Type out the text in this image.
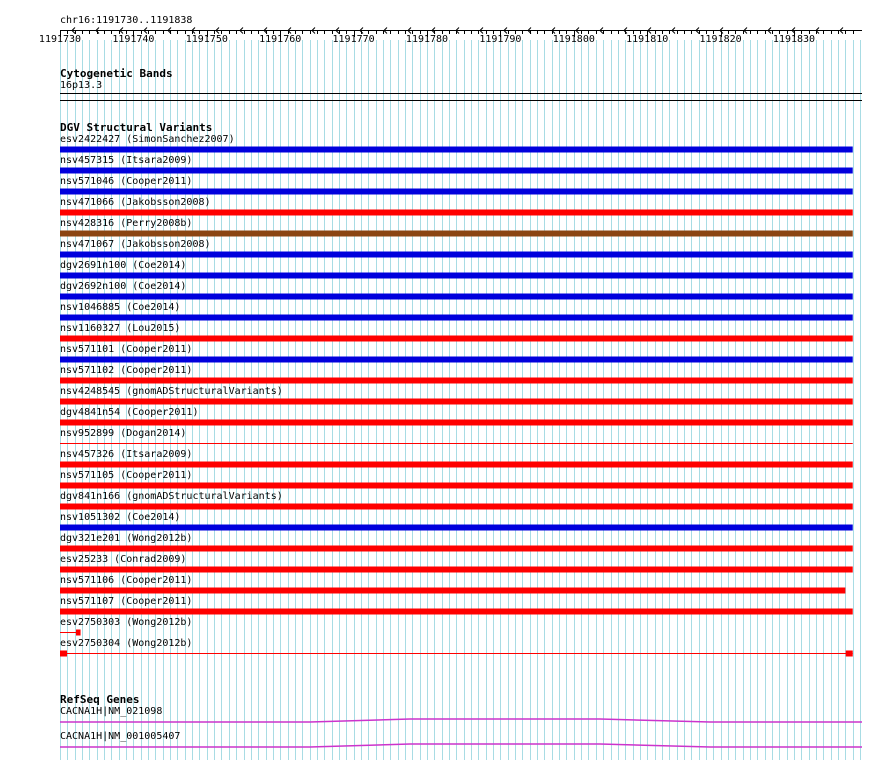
chr16:1191730..1191838
1191730	1191740	1191750	1191760	1191770	1191780	1191790	1191800	1191810	1191820	1191830
Cytogenetic Bands
16p13.3
DGV Structural Variants
esv2422427 (SimonSanchez2007)
nsv457315 (Itsara2009)
nsv571046 (Cooper2011)
nsv471066 (Jakobsson2008)
nsv428316 (Perry2008b)
nsv471067 (Jakobsson2008)
dgv2691n100 (Coe2014)
dgv2692n100 (Coe2014)
nsv1046885 (Coe2014)
nsv1160327 (Lou2015)
nsv571101 (Cooper2011)
nsv571102 (Cooper2011)
nsv4248545 (gnomADStructuralVariants)
dgv4841n54 (Cooper2011)
nsv952899 (Dogan2014)
nsv457326 (Itsara2009)
nsv571105 (Cooper2011)
dgv841n166 (gnomADStructuralVariants)
nsv1051302 (Coe2014)
dgv321e201 (Wong2012b)
esv25233 (Conrad2009)
nsv571106 (Cooper2011)
nsv571107 (Cooper2011)
esv2750303 (Wong2012b)
esv2750304 (Wong2012b)
RefSeq Genes
CACNA1H|NM_021098
CACNA1H|NM_001005407
